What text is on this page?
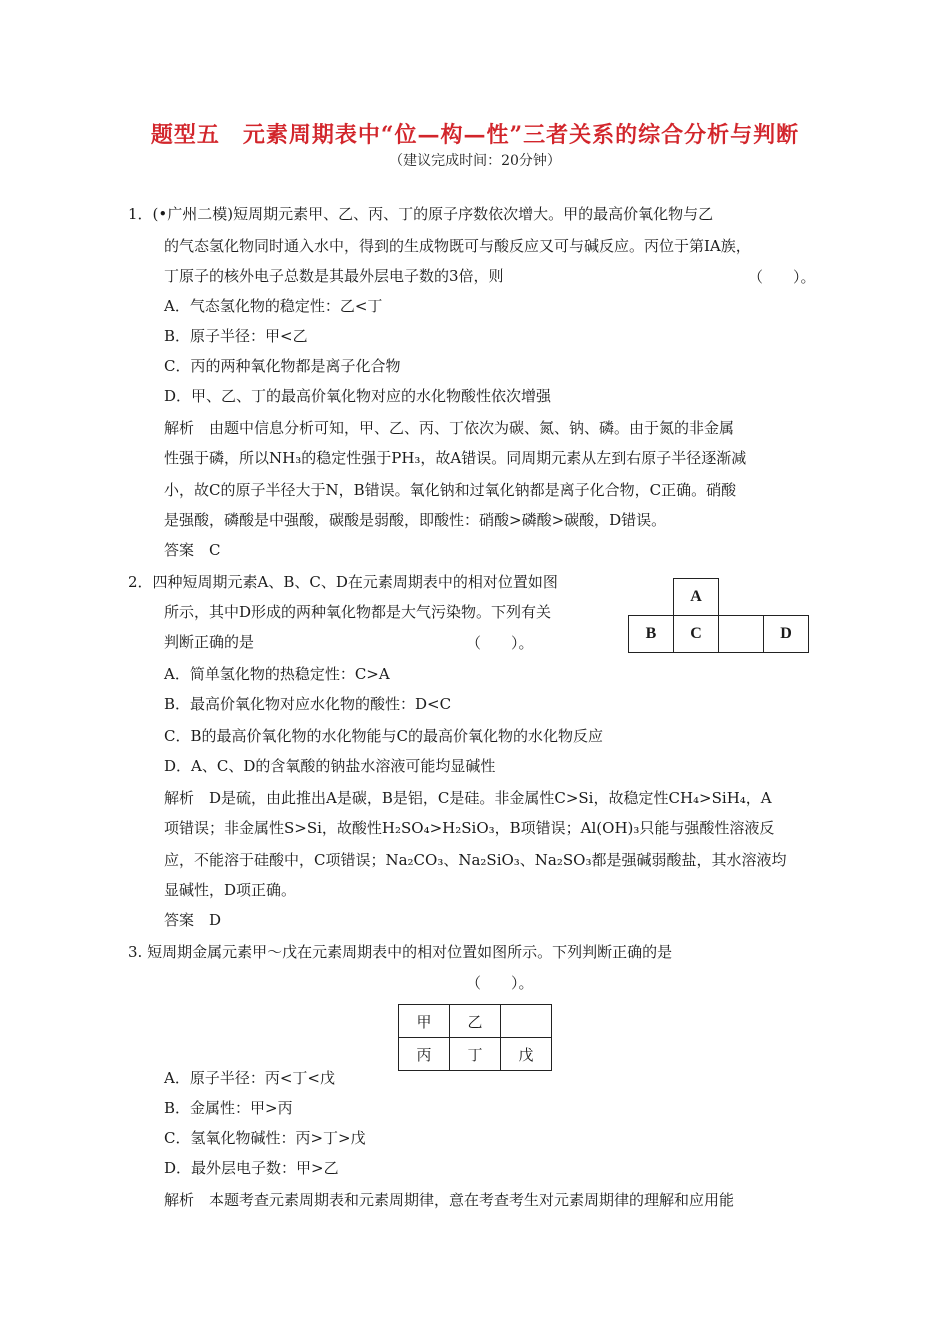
题型五　元素周期表中“位—构—性”三者关系的综合分析与判断
（建议完成时间：20分钟）
1．(•广州二模)短周期元素甲、乙、丙、丁的原子序数依次增大。甲的最高价氧化物与乙
的气态氢化物同时通入水中，得到的生成物既可与酸反应又可与碱反应。丙位于第ⅠA族，
丁原子的核外电子总数是其最外层电子数的3倍，则	（　　）。
A．气态氢化物的稳定性：乙<丁
B．原子半径：甲<乙
C．丙的两种氧化物都是离子化合物
D．甲、乙、丁的最高价氧化物对应的水化物酸性依次增强
解析　由题中信息分析可知，甲、乙、丙、丁依次为碳、氮、钠、磷。由于氮的非金属
性强于磷，所以NH₃的稳定性强于PH₃，故A错误。同周期元素从左到右原子半径逐渐减
小，故C的原子半径大于N，B错误。氧化钠和过氧化钠都是离子化合物，C正确。硝酸
是强酸，磷酸是中强酸，碳酸是弱酸，即酸性：硝酸>磷酸>碳酸，D错误。
答案　C
2．四种短周期元素A、B、C、D在元素周期表中的相对位置如图
所示，其中D形成的两种氧化物都是大气污染物。下列有关
判断正确的是	（　　）。
	A		
B	C		D
A．简单氢化物的热稳定性：C>A
B．最高价氧化物对应水化物的酸性：D<C
C．B的最高价氧化物的水化物能与C的最高价氧化物的水化物反应
D．A、C、D的含氧酸的钠盐水溶液可能均显碱性
解析　D是硫，由此推出A是碳，B是铝，C是硅。非金属性C>Si，故稳定性CH₄>SiH₄，A
项错误；非金属性S>Si，故酸性H₂SO₄>H₂SiO₃，B项错误；Al(OH)₃只能与强酸性溶液反
应，不能溶于硅酸中，C项错误；Na₂CO₃、Na₂SiO₃、Na₂SO₃都是强碱弱酸盐，其水溶液均
显碱性，D项正确。
答案　D
3. 短周期金属元素甲～戊在元素周期表中的相对位置如图所示。下列判断正确的是
（　　）。
甲	乙	
丙	丁	戊
A．原子半径：丙<丁<戊
B．金属性：甲>丙
C．氢氧化物碱性：丙>丁>戊
D．最外层电子数：甲>乙
解析　本题考查元素周期表和元素周期律，意在考查考生对元素周期律的理解和应用能
